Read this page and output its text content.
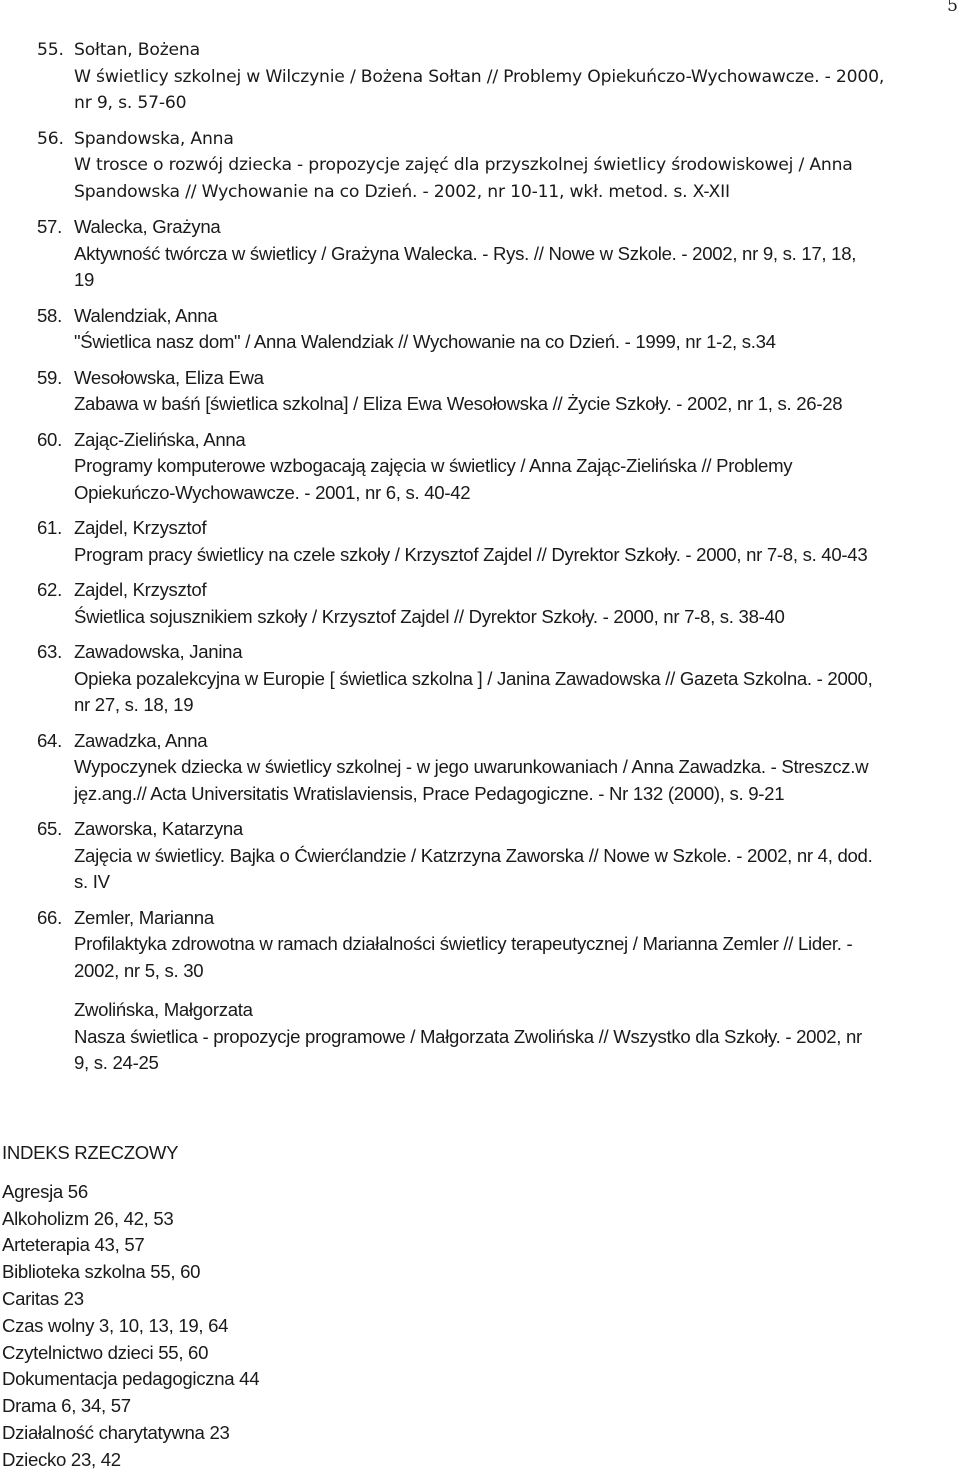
5
55. Sołtan, Bożena
W świetlicy szkolnej w Wilczynie / Bożena Sołtan // Problemy Opiekuńczo-Wychowawcze. - 2000,
nr 9, s. 57-60
56. Spandowska, Anna
W trosce o rozwój dziecka - propozycje zajęć dla przyszkolnej świetlicy środowiskowej / Anna
Spandowska // Wychowanie na co Dzień. - 2002, nr 10-11, wkł. metod. s. X-XII
57. Walecka, Grażyna
Aktywność twórcza w świetlicy / Grażyna Walecka. - Rys. // Nowe w Szkole. - 2002, nr 9, s. 17, 18,
19
58. Walendziak, Anna
"Świetlica nasz dom" / Anna Walendziak // Wychowanie na co Dzień. - 1999, nr 1-2, s.34
59. Wesołowska, Eliza Ewa
Zabawa w baśń [świetlica szkolna] / Eliza Ewa Wesołowska // Życie Szkoły. - 2002, nr 1, s. 26-28
60. Zając-Zielińska, Anna
Programy komputerowe wzbogacają zajęcia w świetlicy / Anna Zając-Zielińska // Problemy
Opiekuńczo-Wychowawcze. - 2001, nr 6, s. 40-42
61. Zajdel, Krzysztof
Program pracy świetlicy na czele szkoły / Krzysztof Zajdel // Dyrektor Szkoły. - 2000, nr 7-8, s. 40-43
62. Zajdel, Krzysztof
Świetlica sojusznikiem szkoły / Krzysztof Zajdel // Dyrektor Szkoły. - 2000, nr 7-8, s. 38-40
63. Zawadowska, Janina
Opieka pozalekcyjna w Europie [ świetlica szkolna ] / Janina Zawadowska // Gazeta Szkolna. - 2000,
nr 27, s. 18, 19
64. Zawadzka, Anna
Wypoczynek dziecka w świetlicy szkolnej - w jego uwarunkowaniach / Anna Zawadzka. - Streszcz.w
jęz.ang.// Acta Universitatis Wratislaviensis, Prace Pedagogiczne. - Nr 132 (2000), s. 9-21
65. Zaworska, Katarzyna
Zajęcia w świetlicy. Bajka o Ćwierćlandzie / Katzrzyna Zaworska // Nowe w Szkole. - 2002, nr 4, dod.
s. IV
66. Zemler, Marianna
Profilaktyka zdrowotna w ramach działalności świetlicy terapeutycznej / Marianna Zemler // Lider. -
2002, nr 5, s. 30
Zwolińska, Małgorzata
Nasza świetlica - propozycje programowe / Małgorzata Zwolińska // Wszystko dla Szkoły. - 2002, nr
9, s. 24-25
INDEKS RZECZOWY
Agresja 56
Alkoholizm 26, 42, 53
Arteterapia 43, 57
Biblioteka szkolna 55, 60
Caritas 23
Czas wolny 3, 10, 13, 19, 64
Czytelnictwo dzieci 55, 60
Dokumentacja pedagogiczna 44
Drama 6, 34, 57
Działalność charytatywna 23
Dziecko 23, 42
